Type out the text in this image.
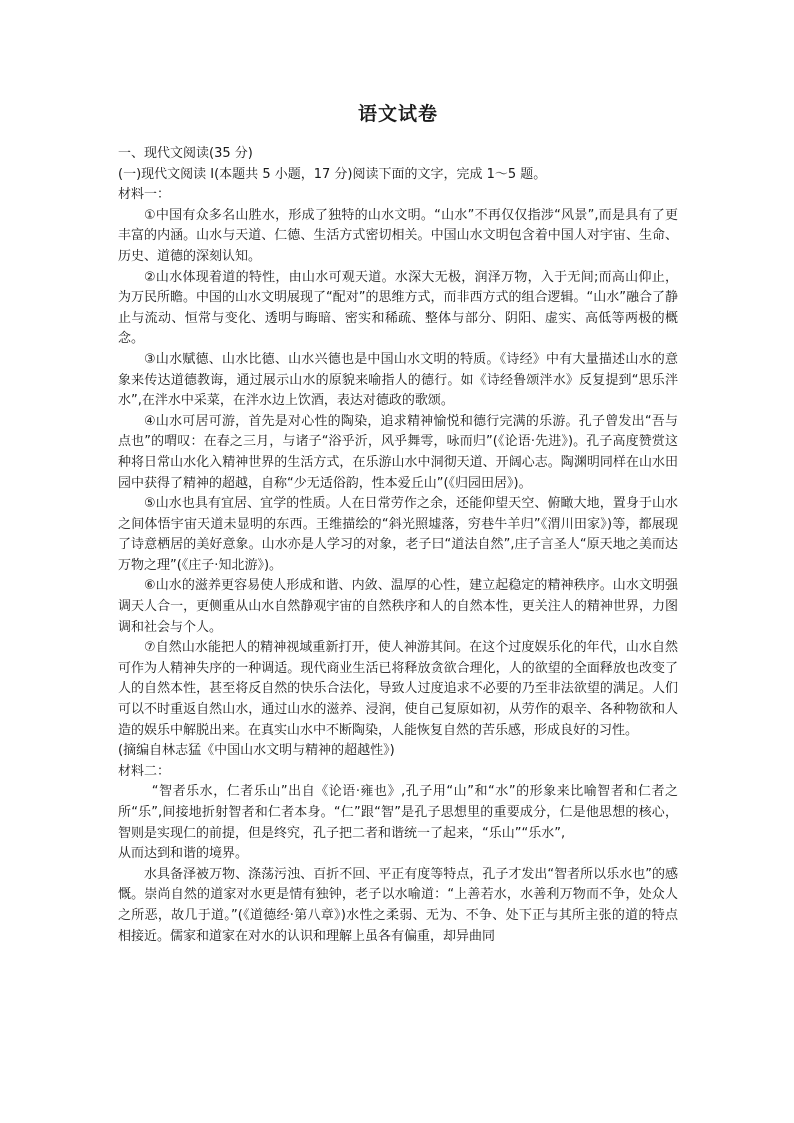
语文试卷

一、现代文阅读(35 分)

(一)现代文阅读 I(本题共 5 小题，17 分)阅读下面的文字，完成 1～5 题。

材料一：

①中国有众多名山胜水，形成了独特的山水文明。“山水”不再仅仅指涉“风景”,而是具有了更丰富的内涵。山水与天道、仁德、生活方式密切相关。中国山水文明包含着中国人对宇宙、生命、历史、道德的深刻认知。

②山水体现着道的特性，由山水可观天道。水深大无极，润泽万物，入于无间;而高山仰止，为万民所瞻。中国的山水文明展现了“配对”的思维方式，而非西方式的组合逻辑。“山水”融合了静止与流动、恒常与变化、透明与晦暗、密实和稀疏、整体与部分、阴阳、虚实、高低等两极的概念。

③山水赋德、山水比德、山水兴德也是中国山水文明的特质。《诗经》中有大量描述山水的意象来传达道德教诲，通过展示山水的原貌来喻指人的德行。如《诗经鲁颂泮水》反复提到“思乐泮水”,在泮水中采菜，在泮水边上饮酒，表达对德政的歌颂。

④山水可居可游，首先是对心性的陶染，追求精神愉悦和德行完满的乐游。孔子曾发出“吾与点也”的喟叹：在春之三月，与诸子“浴乎沂，风乎舞雩，咏而归”(《论语·先进》)。孔子高度赞赏这种将日常山水化入精神世界的生活方式，在乐游山水中洞彻天道、开阔心志。陶渊明同样在山水田园中获得了精神的超越，自称“少无适俗韵，性本爱丘山”(《归园田居》)。

⑤山水也具有宜居、宜学的性质。人在日常劳作之余，还能仰望天空、俯瞰大地，置身于山水之间体悟宇宙天道未显明的东西。王维描绘的“斜光照墟落，穷巷牛羊归”《渭川田家》)等，都展现了诗意栖居的美好意象。山水亦是人学习的对象，老子曰“道法自然”,庄子言圣人“原天地之美而达万物之理”(《庄子·知北游》)。

⑥山水的滋养更容易使人形成和谐、内敛、温厚的心性，建立起稳定的精神秩序。山水文明强调天人合一，更侧重从山水自然静观宇宙的自然秩序和人的自然本性，更关注人的精神世界，力图调和社会与个人。

⑦自然山水能把人的精神视域重新打开，使人神游其间。在这个过度娱乐化的年代，山水自然可作为人精神失序的一种调适。现代商业生活已将释放贪欲合理化，人的欲望的全面释放也改变了人的自然本性，甚至将反自然的快乐合法化，导致人过度追求不必要的乃至非法欲望的满足。人们可以不时重返自然山水，通过山水的滋养、浸润，使自己复原如初，从劳作的艰辛、各种物欲和人造的娱乐中解脱出来。在真实山水中不断陶染，人能恢复自然的苦乐感，形成良好的习性。

(摘编自林志猛《中国山水文明与精神的超越性》)

材料二：

“智者乐水，仁者乐山”出自《论语·雍也》,孔子用“山”和“水”的形象来比喻智者和仁者之所“乐”,间接地折射智者和仁者本身。“仁”跟“智”是孔子思想里的重要成分，仁是他思想的核心，智则是实现仁的前提，但是终究，孔子把二者和谐统一了起来，“乐山”“乐水”,

从而达到和谐的境界。

水具备泽被万物、涤荡污浊、百折不回、平正有度等特点，孔子才发出“智者所以乐水也”的感慨。崇尚自然的道家对水更是情有独钟，老子以水喻道：“上善若水，水善利万物而不争，处众人之所恶，故几于道。”(《道德经·第八章》)水性之柔弱、无为、不争、处下正与其所主张的道的特点相接近。儒家和道家在对水的认识和理解上虽各有偏重，却异曲同
